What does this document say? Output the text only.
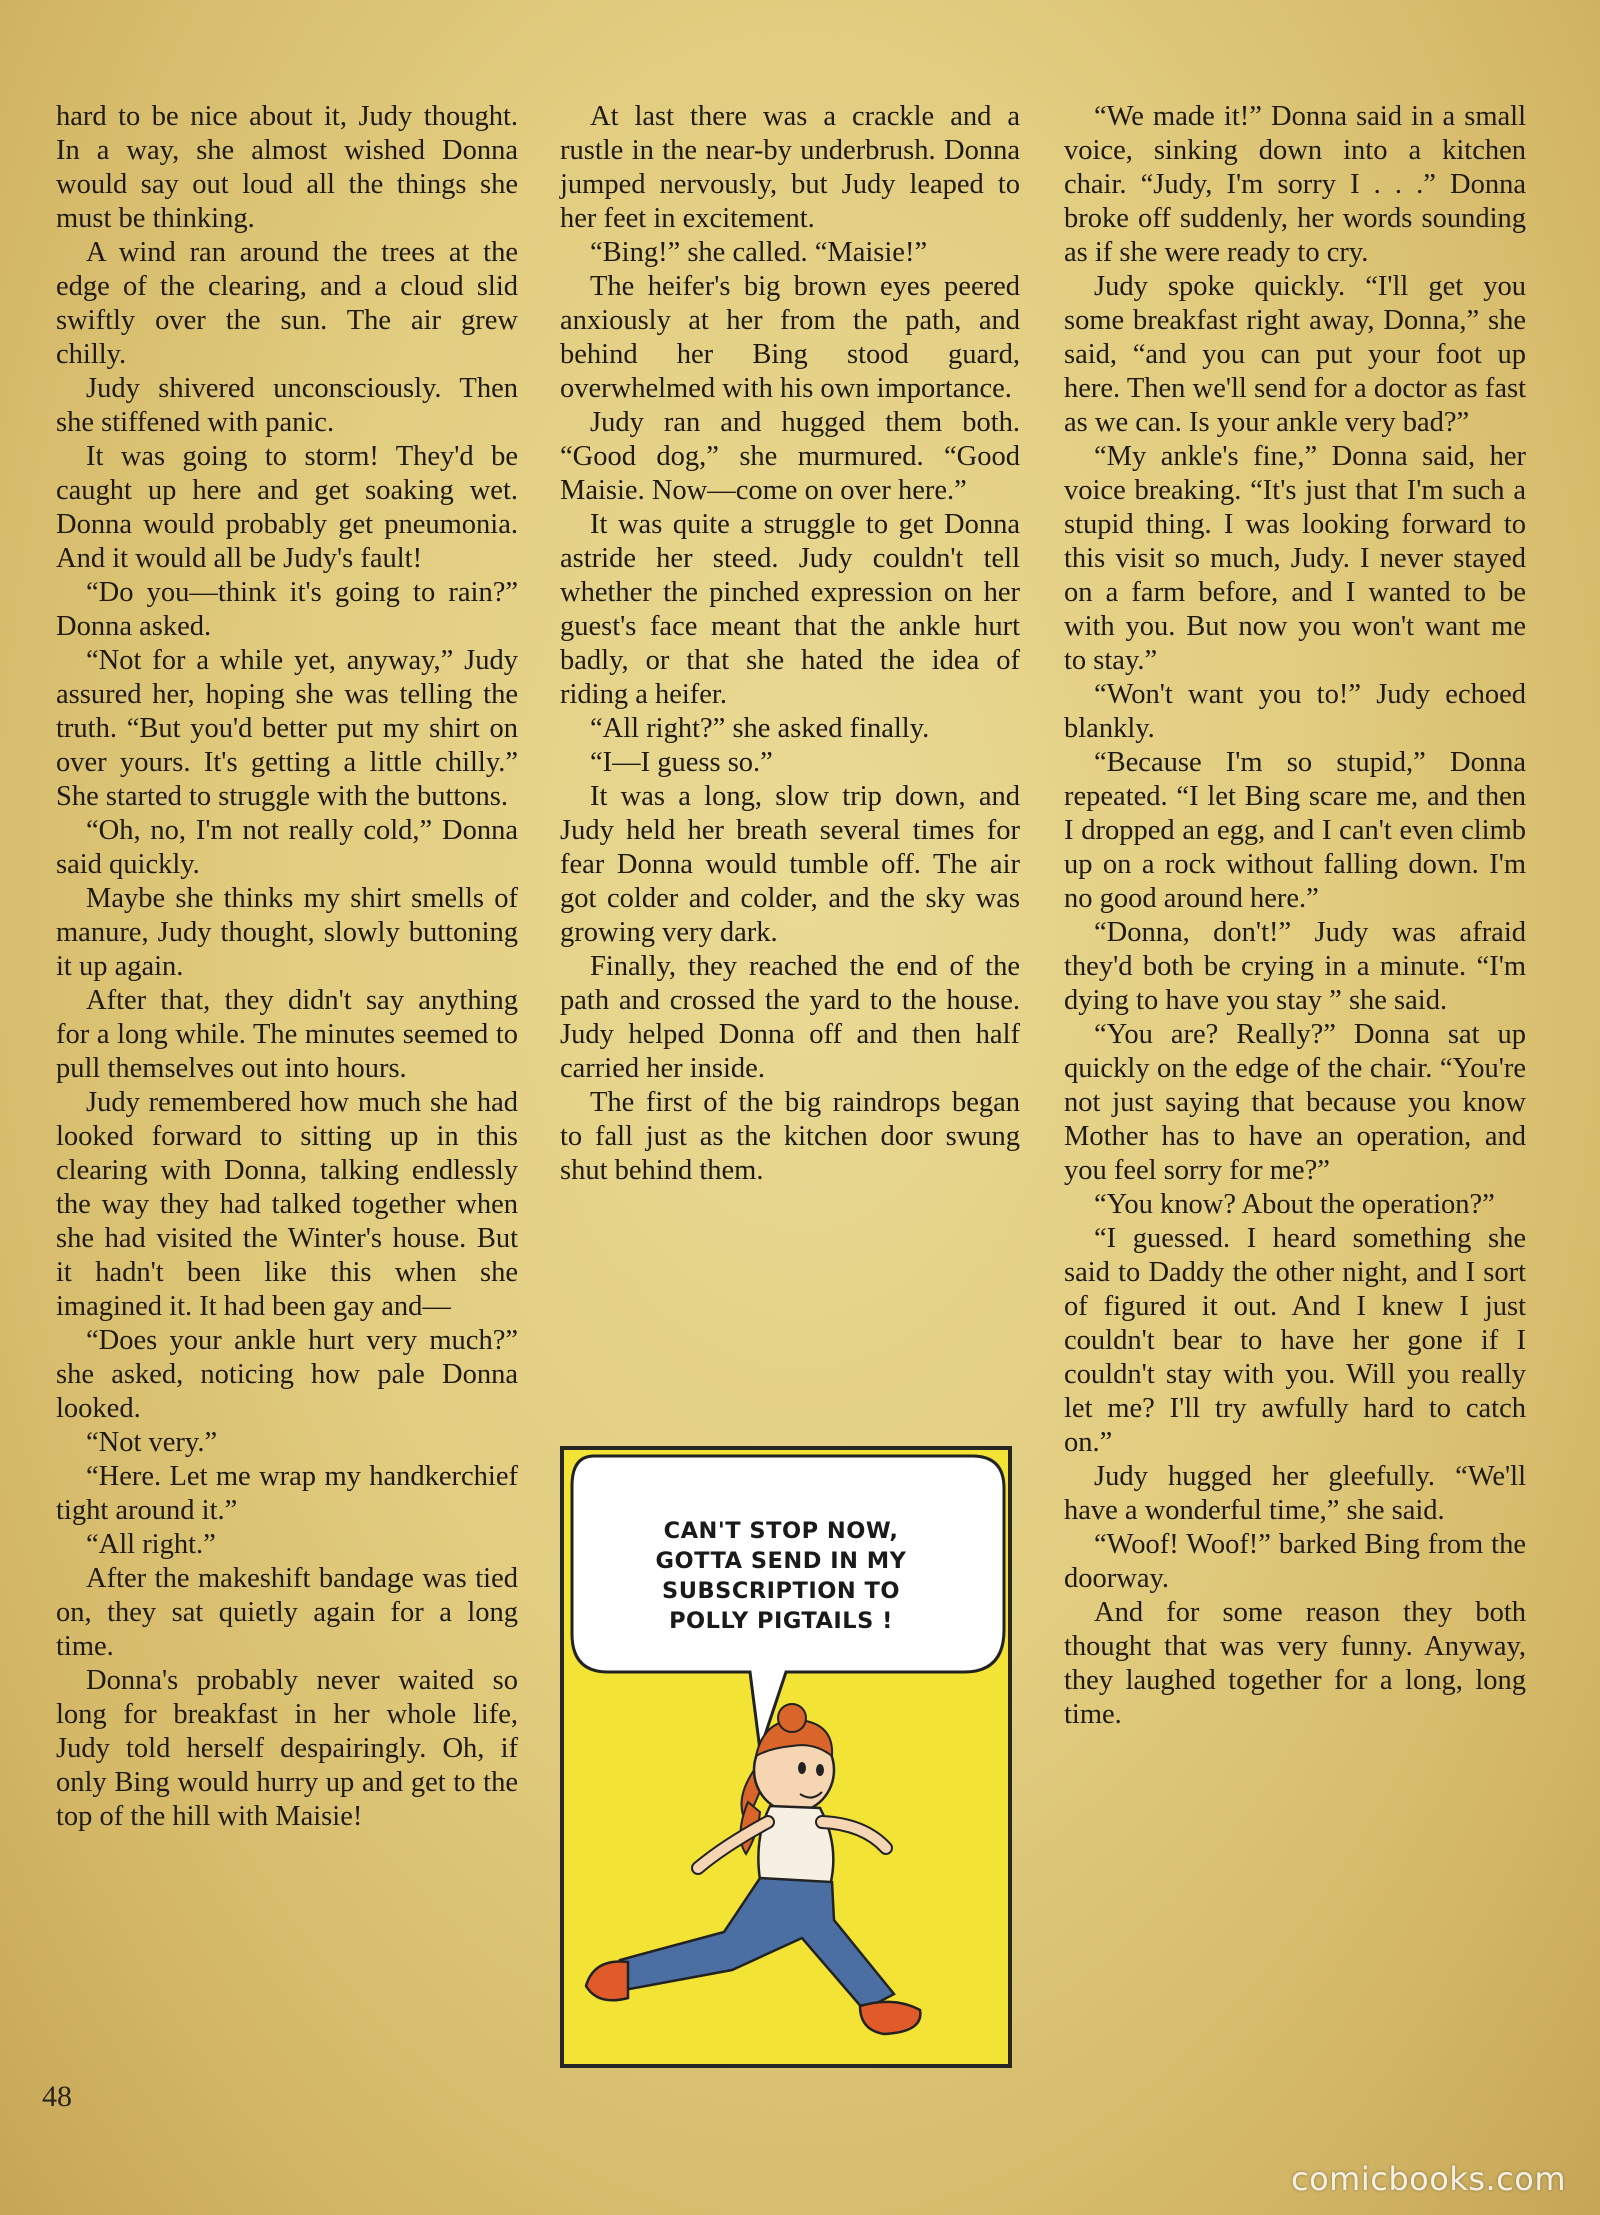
hard to be nice about it, Judy thought. In a way, she almost wished Donna would say out loud all the things she must be thinking.

A wind ran around the trees at the edge of the clearing, and a cloud slid swiftly over the sun. The air grew chilly.

Judy shivered unconsciously. Then she stiffened with panic.

It was going to storm! They'd be caught up here and get soaking wet. Donna would probably get pneumonia. And it would all be Judy's fault!

“Do you—think it's going to rain?” Donna asked.

“Not for a while yet, anyway,” Judy assured her, hoping she was telling the truth. “But you'd better put my shirt on over yours. It's getting a little chilly.” She started to struggle with the buttons.

“Oh, no, I'm not really cold,” Donna said quickly.

Maybe she thinks my shirt smells of manure, Judy thought, slowly buttoning it up again.

After that, they didn't say anything for a long while. The minutes seemed to pull themselves out into hours.

Judy remembered how much she had looked forward to sitting up in this clearing with Donna, talking endlessly the way they had talked together when she had visited the Winter's house. But it hadn't been like this when she imagined it. It had been gay and—

“Does your ankle hurt very much?” she asked, noticing how pale Donna looked.

“Not very.”

“Here. Let me wrap my handkerchief tight around it.”

“All right.”

After the makeshift bandage was tied on, they sat quietly again for a long time.

Donna's probably never waited so long for breakfast in her whole life, Judy told herself despairingly. Oh, if only Bing would hurry up and get to the top of the hill with Maisie!

At last there was a crackle and a rustle in the near-by underbrush. Donna jumped nervously, but Judy leaped to her feet in excitement.

“Bing!” she called. “Maisie!”

The heifer's big brown eyes peered anxiously at her from the path, and behind her Bing stood guard, overwhelmed with his own importance.

Judy ran and hugged them both. “Good dog,” she murmured. “Good Maisie. Now—come on over here.”

It was quite a struggle to get Donna astride her steed. Judy couldn't tell whether the pinched expression on her guest's face meant that the ankle hurt badly, or that she hated the idea of riding a heifer.

“All right?” she asked finally.

“I—I guess so.”

It was a long, slow trip down, and Judy held her breath several times for fear Donna would tumble off. The air got colder and colder, and the sky was growing very dark.

Finally, they reached the end of the path and crossed the yard to the house. Judy helped Donna off and then half carried her inside.

The first of the big raindrops began to fall just as the kitchen door swung shut behind them.

“We made it!” Donna said in a small voice, sinking down into a kitchen chair. “Judy, I'm sorry I . . .” Donna broke off suddenly, her words sounding as if she were ready to cry.

Judy spoke quickly. “I'll get you some breakfast right away, Donna,” she said, “and you can put your foot up here. Then we'll send for a doctor as fast as we can. Is your ankle very bad?”

“My ankle's fine,” Donna said, her voice breaking. “It's just that I'm such a stupid thing. I was looking forward to this visit so much, Judy. I never stayed on a farm before, and I wanted to be with you. But now you won't want me to stay.”

“Won't want you to!” Judy echoed blankly.

“Because I'm so stupid,” Donna repeated. “I let Bing scare me, and then I dropped an egg, and I can't even climb up on a rock without falling down. I'm no good around here.”

“Donna, don't!” Judy was afraid they'd both be crying in a minute. “I'm dying to have you stay ” she said.

“You are? Really?” Donna sat up quickly on the edge of the chair. “You're not just saying that because you know Mother has to have an operation, and you feel sorry for me?”

“You know? About the operation?”

“I guessed. I heard something she said to Daddy the other night, and I sort of figured it out. And I knew I just couldn't bear to have her gone if I couldn't stay with you. Will you really let me? I'll try awfully hard to catch on.”

Judy hugged her gleefully. “We'll have a wonderful time,” she said.

“Woof! Woof!” barked Bing from the doorway.

And for some reason they both thought that was very funny. Anyway, they laughed together for a long, long time.

CAN'T STOP NOW, GOTTA SEND IN MY SUBSCRIPTION TO POLLY PIGTAILS !
48
comicbooks.com
